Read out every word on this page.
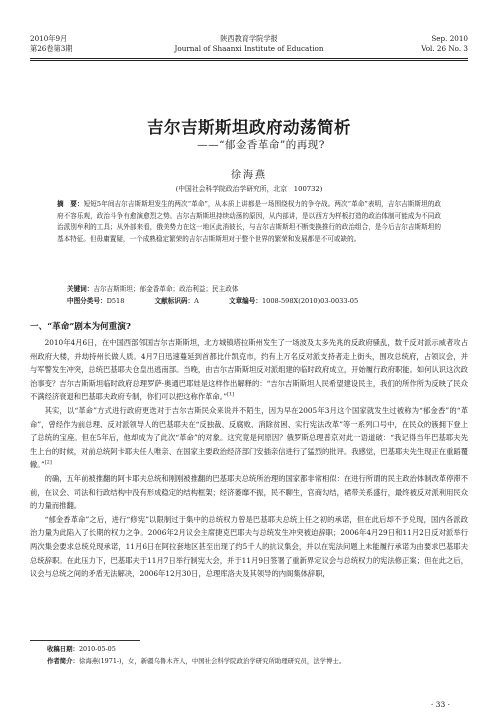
2010年9月
第26卷第3期
陕西教育学院学报
Journal of Shaanxi Institute of Education
Sep. 2010
Vol. 26 No. 3
吉尔吉斯斯坦政府动荡简析
——“郁金香革命”的再现?
徐海燕
(中国社会科学院政治学研究所，北京　100732)
摘　要：短短5年间吉尔吉斯斯坦发生的两次“革命”，从本质上讲都是一场围绕权力的争夺战。两次“革命”表明，吉尔吉斯斯坦的政府不容乐观，政治斗争有愈演愈烈之势。吉尔吉斯斯坦持续动荡的原因，从内部讲，是以西方为样板打造的政治体制可能成为不同政治派别牟利的工具；从外部来看，俄美势力在这一地区此消彼长，与吉尔吉斯斯坦不断变换推行的政治组合，是今后吉尔吉斯斯坦的基本特征。但毋庸置疑，一个成熟稳定繁荣的吉尔吉斯斯坦对于整个世界的繁荣和发展都是不可或缺的。
关键词：吉尔吉斯斯坦；郁金香革命；政治利益；民主政体
中图分类号：D518	文献标识码：A	文章编号：1008-598X(2010)03-0033-05
一、“革命”剧本为何重演?

2010年4月6日，在中国西部邻国吉尔吉斯斯坦，北方城镇塔拉斯州发生了一场波及太多先兆的反政府骚乱，数千反对派示威者攻占州政府大楼，并劫持州长做人质。4月7日迅速蔓延到首都比什凯克市，约有上万名反对派支持者走上街头，围攻总统府，占领议会，并与军警发生冲突，总统巴基耶夫仓皇出逃南部。当晚，由吉尔吉斯斯坦反对派组建的临时政府成立，开始履行政府职能。如何认识这次政治事变？吉尔吉斯斯坦临时政府总理罗萨·奥通巴耶娃是这样作出解释的：“吉尔吉斯斯坦人民希望建设民主，我们的所作所为反映了民众不满经济衰退和巴基耶夫政府专制，你们可以把这称作革命。”[1]

其实，以“革命”方式进行政府更迭对于吉尔吉斯民众来说并不陌生，因为早在2005年3月这个国家就发生过被称为“郁金香”的“革命”，曾经作为前总理、反对派领导人的巴基耶夫在“反独裁、反腐败、消除贫困、实行宪法改革”等一系列口号中，在民众的簇拥下登上了总统的宝座。但在5年后，他却成为了此次“革命”的对象。这究竟是何原因？俄罗斯总理普京对此一语道破：“我记得当年巴基耶夫先生上台的时候，对前总统阿卡耶夫任人唯亲、在国家主要政治经济部门安插亲信进行了猛烈的批评。我感觉，巴基耶夫先生现正在重蹈覆辙。”[2]

的确，五年前被推翻的阿卡耶夫总统和刚刚被推翻的巴基耶夫总统所治理的国家都非常相似：在进行所谓的民主政治体制改革停滞不前，在议会、司法和行政结构中没有形成稳定的结构框架；经济萎靡不振，民不聊生，官商勾结，裙带关系盛行，最终被反对派利用民众的力量而推翻。

“郁金香革命”之后，进行“修宪”以限制过于集中的总统权力曾是巴基耶夫总统上任之初的承诺，但在此后却不予兑现，国内各派政治力量为此陷入了长期的权力之争。2006年2月议会主席捷克巴耶夫与总统发生冲突被迫辞职；2006年4月29日和11月2日反对派举行两次集会要求总统兑现承诺，11月6日在阿拉套地区甚至出现了约5千人的抗议集会，并以在宪法问题上未能履行承诺为由要求巴基耶夫总统辞职。在此压力下，巴基耶夫于11月7日举行制宪大会，并于11月9日签署了重新界定议会与总统权力的宪法修正案；但在此之后，议会与总统之间的矛盾无法解决，2006年12月30日，总理库洛夫及其领导的内阁集体辞职，

收稿日期：2010-05-05
作者简介：徐海燕(1971-)，女，新疆乌鲁木齐人，中国社会科学院政治学研究所助理研究员，法学博士。
· 33 ·
